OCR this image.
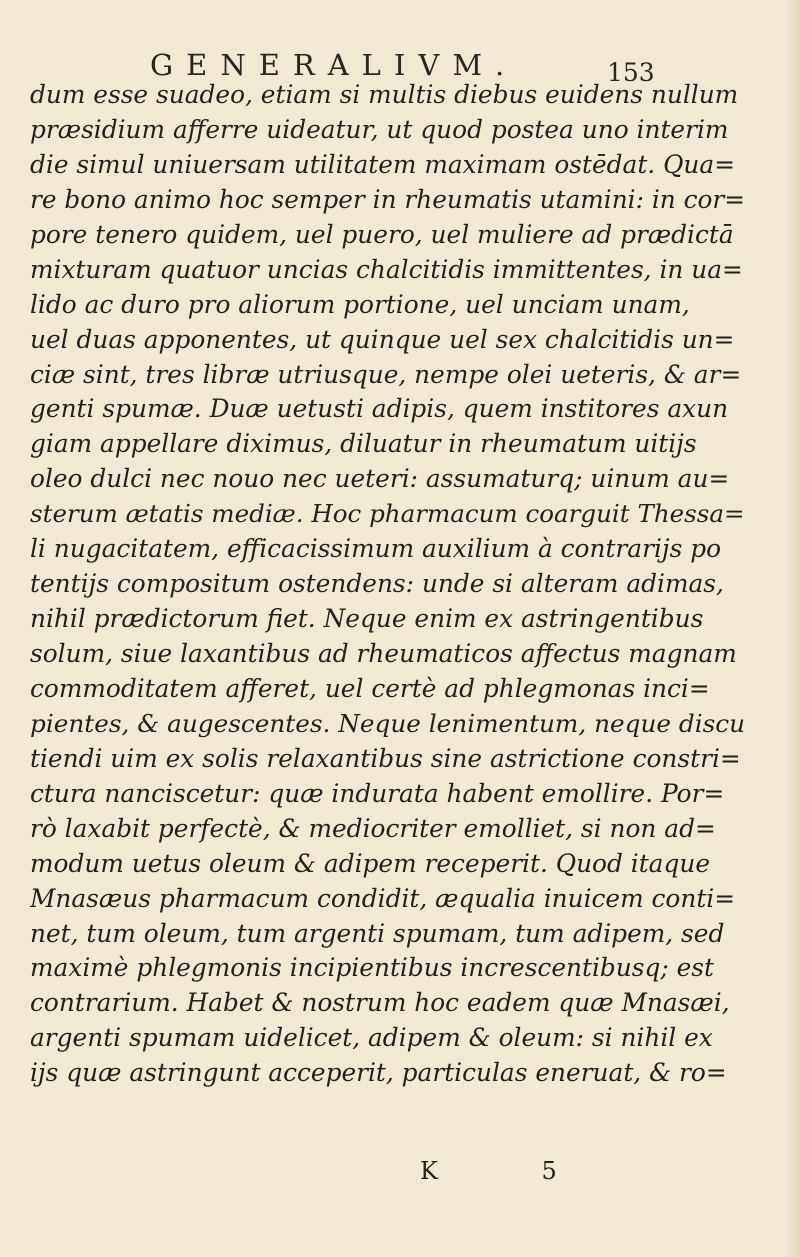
GENERALIVM.	153
dum esse suadeo, etiam si multis diebus euidens nullum
præsidium afferre uideatur, ut quod postea uno interim
die simul uniuersam utilitatem maximam ostēdat. Qua=
re bono animo hoc semper in rheumatis utamini: in cor=
pore tenero quidem, uel puero, uel muliere ad prædictā
mixturam quatuor uncias chalcitidis immittentes, in ua=
lido ac duro pro aliorum portione, uel unciam unam,
uel duas apponentes, ut quinque uel sex chalcitidis un=
ciæ sint, tres libræ utriusque, nempe olei ueteris, & ar=
genti spumæ. Duæ uetusti adipis, quem institores axun
giam appellare diximus, diluatur in rheumatum uitijs
oleo dulci nec nouo nec ueteri: assumaturq; uinum au=
sterum ætatis mediæ. Hoc pharmacum coarguit Thessa=
li nugacitatem, efficacissimum auxilium à contrarijs po
tentijs compositum ostendens: unde si alteram adimas,
nihil prædictorum fiet. Neque enim ex astringentibus
solum, siue laxantibus ad rheumaticos affectus magnam
commoditatem afferet, uel certè ad phlegmonas inci=
pientes, & augescentes. Neque lenimentum, neque discu
tiendi uim ex solis relaxantibus sine astrictione constri=
ctura nanciscetur: quæ indurata habent emollire. Por=
rò laxabit perfectè, & mediocriter emolliet, si non ad=
modum uetus oleum & adipem receperit. Quod itaque
Mnasæus pharmacum condidit, æqualia inuicem conti=
net, tum oleum, tum argenti spumam, tum adipem, sed
maximè phlegmonis incipientibus increscentibusq; est
contrarium. Habet & nostrum hoc eadem quæ Mnasæi,
argenti spumam uidelicet, adipem & oleum: si nihil ex
ijs quæ astringunt acceperit, particulas eneruat, & ro=
K 5
